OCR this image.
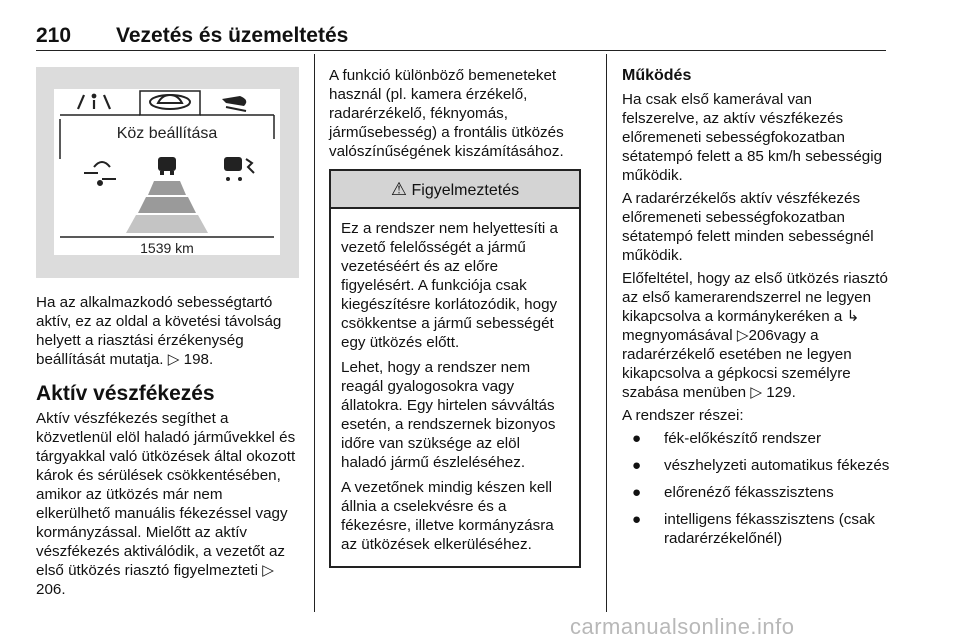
210 Vezetés és üzemeltetés
Köz beállítása
1539 km

Ha az alkalmazkodó sebességtartó aktív, ez az oldal a követési távolság helyett a riasztási érzékenység beállítását mutatja. ▷ 198.

Aktív vészfékezés

Aktív vészfékezés segíthet a közvetlenül elöl haladó járművekkel és tárgyakkal való ütközések által okozott károk és sérülések csökkentésében, amikor az ütközés már nem elkerülhető manuális fékezéssel vagy kormányzással. Mielőtt az aktív vészfékezés aktiválódik, a vezetőt az első ütközés riasztó figyelmezteti ▷ 206.

A funkció különböző bemeneteket használ (pl. kamera érzékelő, radarérzékelő, féknyomás, járműsebesség) a frontális ütközés valószínűségének kiszámításához.

⚠ Figyelmeztetés

Ez a rendszer nem helyettesíti a vezető felelősségét a jármű vezetéséért és az előre figyelésért. A funkciója csak kiegészítésre korlátozódik, hogy csökkentse a jármű sebességét egy ütközés előtt.

Lehet, hogy a rendszer nem reagál gyalogosokra vagy állatokra. Egy hirtelen sávváltás esetén, a rendszernek bizonyos időre van szüksége az elöl haladó jármű észleléséhez.

A vezetőnek mindig készen kell állnia a cselekvésre és a fékezésre, illetve kormányzásra az ütközések elkerüléséhez.

Működés

Ha csak első kamerával van felszerelve, az aktív vészfékezés előremeneti sebességfokozatban sétatempó felett a 85 km/h sebességig működik.

A radarérzékelős aktív vészfékezés előremeneti sebességfokozatban sétatempó felett minden sebességnél működik.

Előfeltétel, hogy az első ütközés riasztó az első kamerarendszerrel ne legyen kikapcsolva a kormánykeréken a ↳ megnyomásával ▷206vagy a radarérzékelő esetében ne legyen kikapcsolva a gépkocsi személyre szabása menüben ▷ 129.

A rendszer részei:

● fék-előkészítő rendszer
● vészhelyzeti automatikus fékezés
● előrenéző fékasszisztens
● intelligens fékasszisztens (csak radarérzékelőnél)
carmanualsonline.info
